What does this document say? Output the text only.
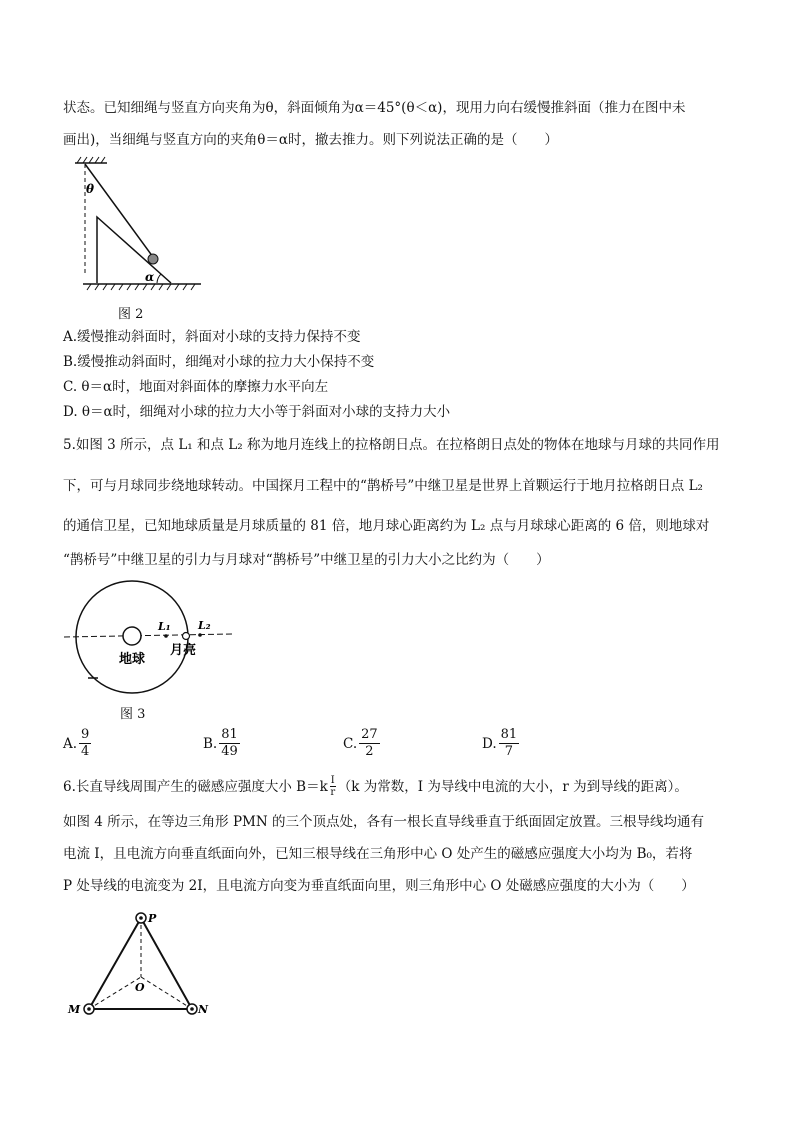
状态。已知细绳与竖直方向夹角为θ，斜面倾角为α＝45°(θ＜α)，现用力向右缓慢推斜面（推力在图中未
画出)，当细绳与竖直方向的夹角θ＝α时，撤去推力。则下列说法正确的是（　　）
θ
α
图 2
A.缓慢推动斜面时，斜面对小球的支持力保持不变
B.缓慢推动斜面时，细绳对小球的拉力大小保持不变
C. θ＝α时，地面对斜面体的摩擦力水平向左
D. θ＝α时，细绳对小球的拉力大小等于斜面对小球的支持力大小
5.如图 3 所示，点 L₁ 和点 L₂ 称为地月连线上的拉格朗日点。在拉格朗日点处的物体在地球与月球的共同作用
下，可与月球同步绕地球转动。中国探月工程中的“鹊桥号”中继卫星是世界上首颗运行于地月拉格朗日点 L₂
的通信卫星，已知地球质量是月球质量的 81 倍，地月球心距离约为 L₂ 点与月球球心距离的 6 倍，则地球对
“鹊桥号”中继卫星的引力与月球对“鹊桥号”中继卫星的引力大小之比约为（　　）
地球
月亮
L₁ L₂
图 3
A. $\frac{9}{4}$	B. $\frac{81}{49}$	C. $\frac{27}{2}$	D. $\frac{81}{7}$
6.长直导线周围产生的磁感应强度大小 $B=k \frac{I}{r} (k$ 为常数，I 为导线中电流的大小，r 为到导线的距离）。
如图 4 所示，在等边三角形 PMN 的三个顶点处，各有一根长直导线垂直于纸面固定放置。三根导线均通有
电流 I，且电流方向垂直纸面向外，已知三根导线在三角形中心 O 处产生的磁感应强度大小均为 B₀，若将
P 处导线的电流变为 2I，且电流方向变为垂直纸面向里，则三角形中心 O 处磁感应强度的大小为（　　）
P
M	N
O
